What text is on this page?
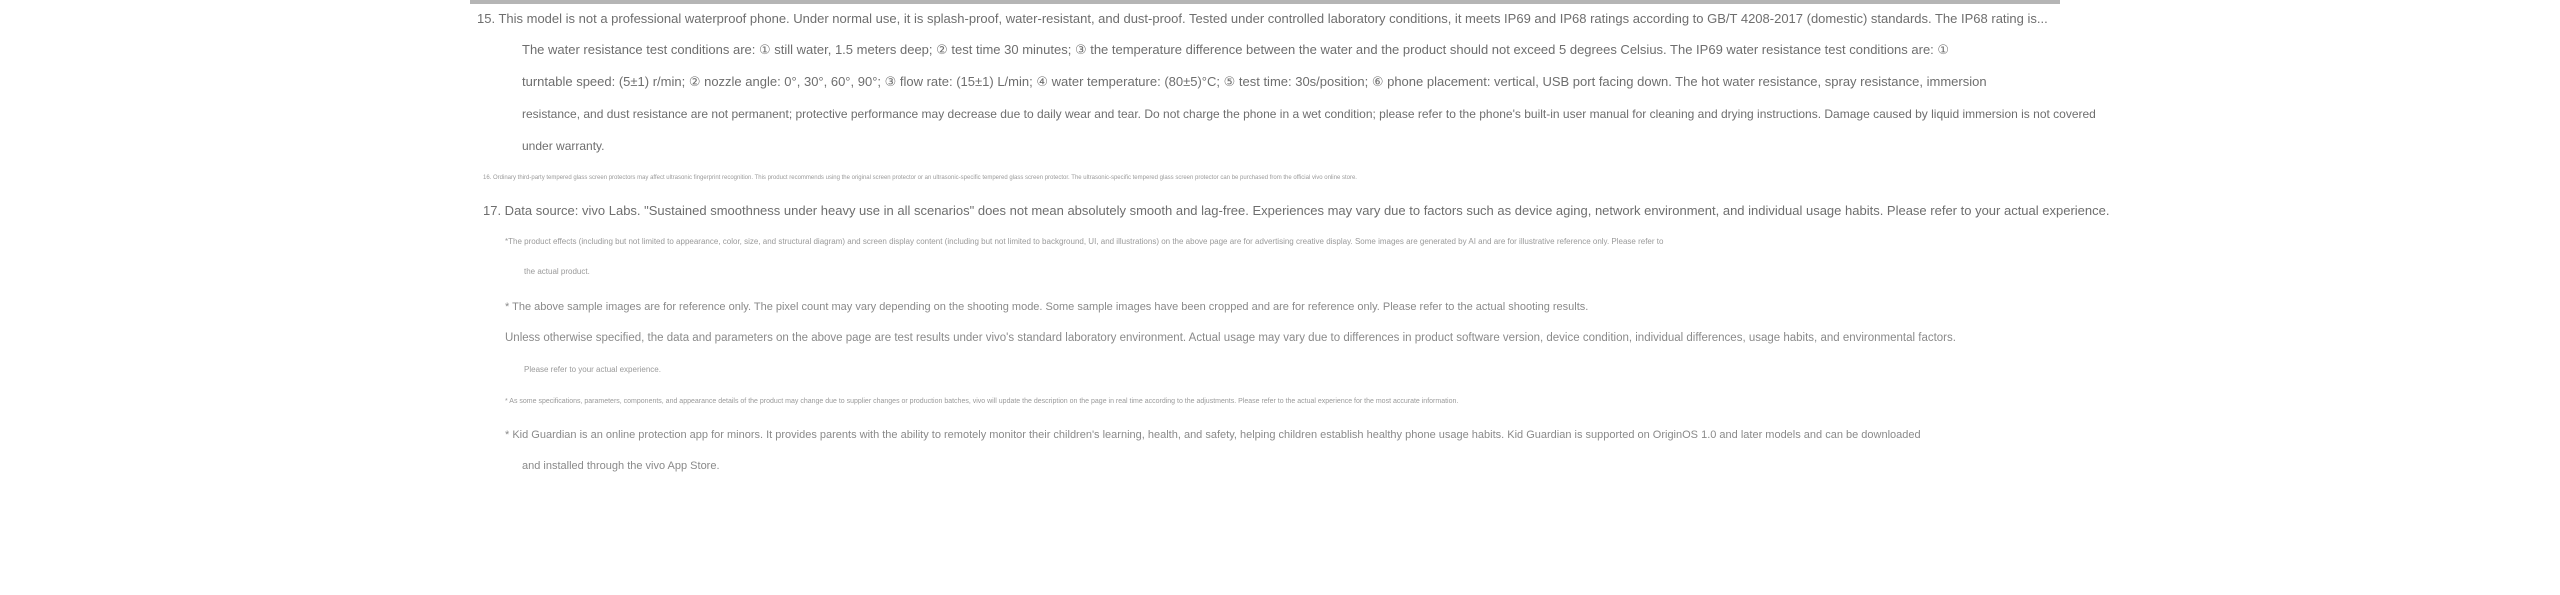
15. This model is not a professional waterproof phone. Under normal use, it is splash-proof, water-resistant, and dust-proof. Tested under controlled laboratory conditions, it meets IP69 and IP68 ratings according to GB/T 4208-2017 (domestic) standards. The IP68 rating is...
The water resistance test conditions are: ① still water, 1.5 meters deep; ② test time 30 minutes; ③ the temperature difference between the water and the product should not exceed 5 degrees Celsius. The IP69 water resistance test conditions are: ①
turntable speed: (5±1) r/min; ② nozzle angle: 0°, 30°, 60°, 90°; ③ flow rate: (15±1) L/min; ④ water temperature: (80±5)°C; ⑤ test time: 30s/position; ⑥ phone placement: vertical, USB port facing down. The hot water resistance, spray resistance, immersion
resistance, and dust resistance are not permanent; protective performance may decrease due to daily wear and tear. Do not charge the phone in a wet condition; please refer to the phone's built-in user manual for cleaning and drying instructions. Damage caused by liquid immersion is not covered
under warranty.
16. Ordinary third-party tempered glass screen protectors may affect ultrasonic fingerprint recognition. This product recommends using the original screen protector or an ultrasonic-specific tempered glass screen protector. The ultrasonic-specific tempered glass screen protector can be purchased from the official vivo online store.
17. Data source: vivo Labs. "Sustained smoothness under heavy use in all scenarios" does not mean absolutely smooth and lag-free. Experiences may vary due to factors such as device aging, network environment, and individual usage habits. Please refer to your actual experience.
*The product effects (including but not limited to appearance, color, size, and structural diagram) and screen display content (including but not limited to background, UI, and illustrations) on the above page are for advertising creative display. Some images are generated by AI and are for illustrative reference only. Please refer to
the actual product.
* The above sample images are for reference only. The pixel count may vary depending on the shooting mode. Some sample images have been cropped and are for reference only. Please refer to the actual shooting results.
Unless otherwise specified, the data and parameters on the above page are test results under vivo's standard laboratory environment. Actual usage may vary due to differences in product software version, device condition, individual differences, usage habits, and environmental factors.
Please refer to your actual experience.
* As some specifications, parameters, components, and appearance details of the product may change due to supplier changes or production batches, vivo will update the description on the page in real time according to the adjustments. Please refer to the actual experience for the most accurate information.
* Kid Guardian is an online protection app for minors. It provides parents with the ability to remotely monitor their children's learning, health, and safety, helping children establish healthy phone usage habits. Kid Guardian is supported on OriginOS 1.0 and later models and can be downloaded
and installed through the vivo App Store.
